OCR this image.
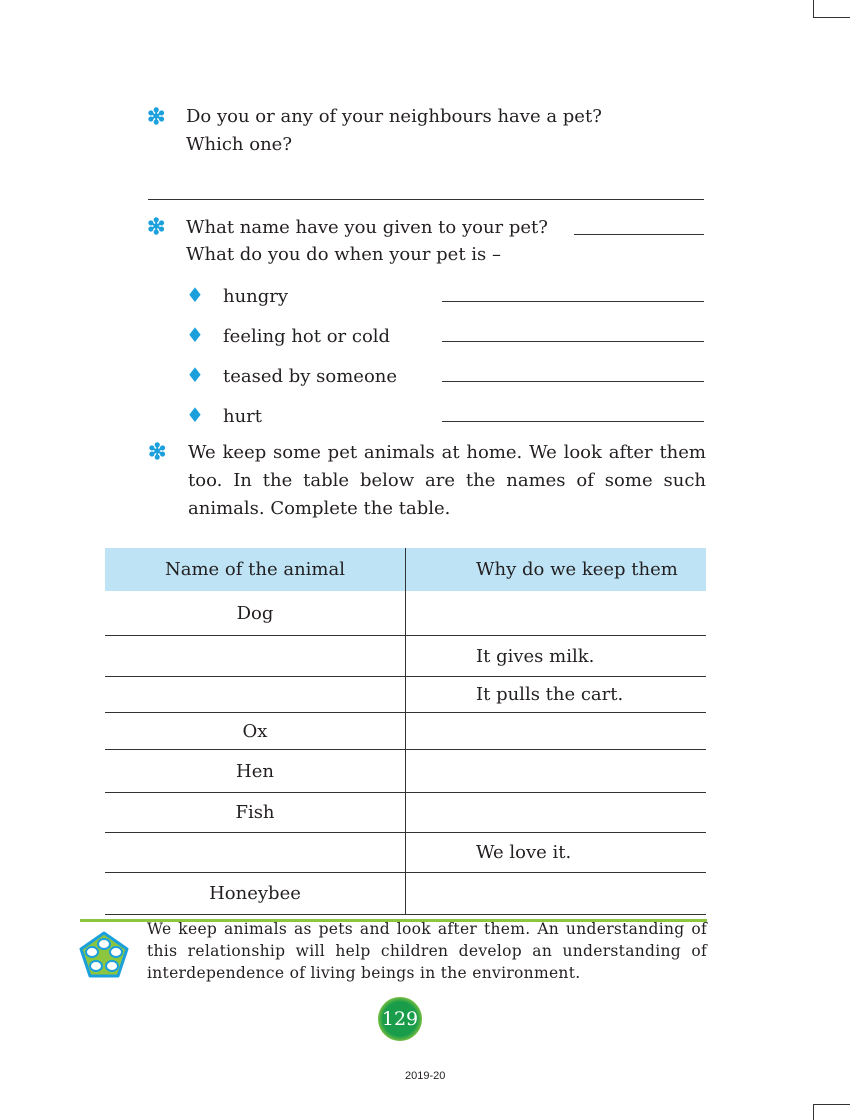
❇ Do you or any of your neighbours have a pet?
Which one?
❇ What name have you given to your pet?
What do you do when your pet is –
♦ hungry
♦ feeling hot or cold
♦ teased by someone
♦ hurt
❇ We keep some pet animals at home. We look after them too. In the table below are the names of some such animals. Complete the table.
Name of the animal	Why do we keep them
Dog
It gives milk.
It pulls the cart.
Ox
Hen
Fish
We love it.
Honeybee
We keep animals as pets and look after them. An understanding of this relationship will help children develop an understanding of interdependence of living beings in the environment.
129
2019-20
